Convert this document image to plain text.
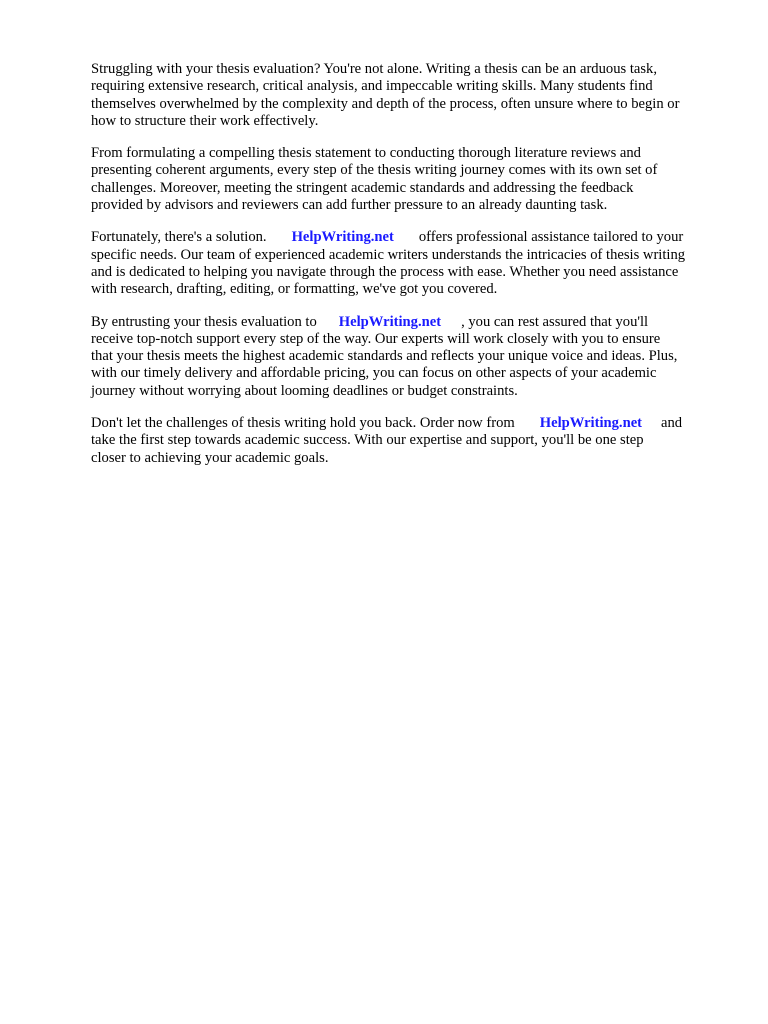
Struggling with your thesis evaluation? You're not alone. Writing a thesis can be an arduous task,
requiring extensive research, critical analysis, and impeccable writing skills. Many students find
themselves overwhelmed by the complexity and depth of the process, often unsure where to begin or
how to structure their work effectively.

From formulating a compelling thesis statement to conducting thorough literature reviews and
presenting coherent arguments, every step of the thesis writing journey comes with its own set of
challenges. Moreover, meeting the stringent academic standards and addressing the feedback
provided by advisors and reviewers can add further pressure to an already daunting task.

Fortunately, there's a solution. HelpWriting.net offers professional assistance tailored to your
specific needs. Our team of experienced academic writers understands the intricacies of thesis writing
and is dedicated to helping you navigate through the process with ease. Whether you need assistance
with research, drafting, editing, or formatting, we've got you covered.

By entrusting your thesis evaluation to HelpWriting.net , you can rest assured that you'll
receive top-notch support every step of the way. Our experts will work closely with you to ensure
that your thesis meets the highest academic standards and reflects your unique voice and ideas. Plus,
with our timely delivery and affordable pricing, you can focus on other aspects of your academic
journey without worrying about looming deadlines or budget constraints.

Don't let the challenges of thesis writing hold you back. Order now from HelpWriting.net and
take the first step towards academic success. With our expertise and support, you'll be one step
closer to achieving your academic goals.
